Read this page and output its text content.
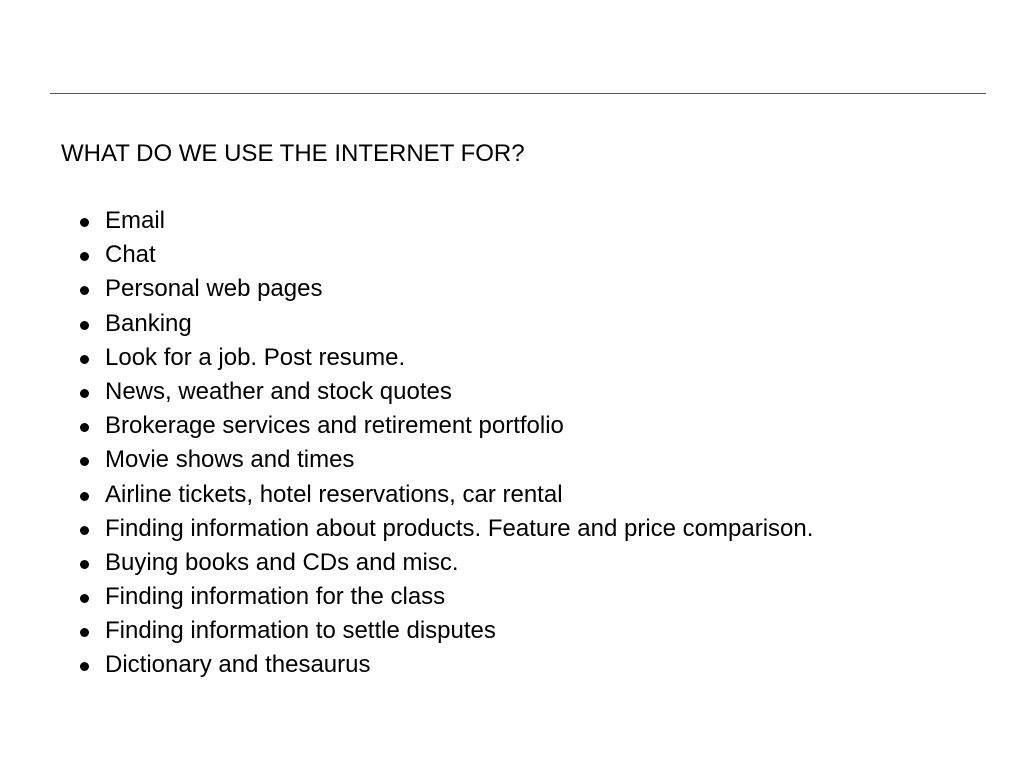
WHAT DO WE USE THE INTERNET FOR?
Email
Chat
Personal web pages
Banking
Look for a job. Post resume.
News, weather and stock quotes
Brokerage services and retirement portfolio
Movie shows and times
Airline tickets, hotel reservations, car rental
Finding information about products. Feature and price comparison.
Buying books and CDs and misc.
Finding information for the class
Finding information to settle disputes
Dictionary and thesaurus
